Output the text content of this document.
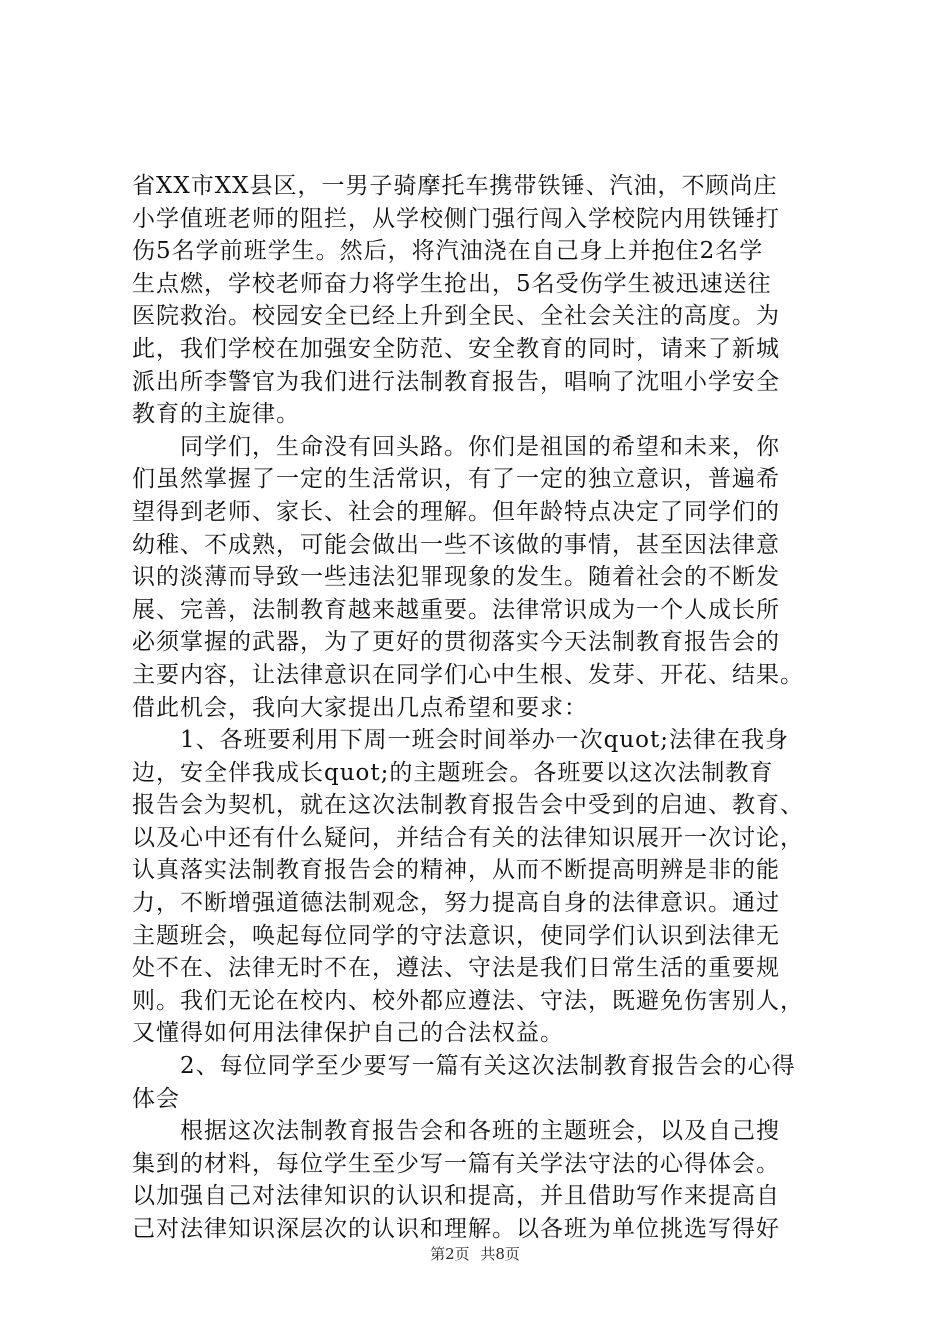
省XX市XX县区，一男子骑摩托车携带铁锤、汽油，不顾尚庄
小学值班老师的阻拦，从学校侧门强行闯入学校院内用铁锤打
伤5名学前班学生。然后，将汽油浇在自己身上并抱住2名学
生点燃，学校老师奋力将学生抢出，5名受伤学生被迅速送往
医院救治。校园安全已经上升到全民、全社会关注的高度。为
此，我们学校在加强安全防范、安全教育的同时，请来了新城
派出所李警官为我们进行法制教育报告，唱响了沈咀小学安全
教育的主旋律。
　　同学们，生命没有回头路。你们是祖国的希望和未来，你
们虽然掌握了一定的生活常识，有了一定的独立意识，普遍希
望得到老师、家长、社会的理解。但年龄特点决定了同学们的
幼稚、不成熟，可能会做出一些不该做的事情，甚至因法律意
识的淡薄而导致一些违法犯罪现象的发生。随着社会的不断发
展、完善，法制教育越来越重要。法律常识成为一个人成长所
必须掌握的武器，为了更好的贯彻落实今天法制教育报告会的
主要内容，让法律意识在同学们心中生根、发芽、开花、结果。
借此机会，我向大家提出几点希望和要求：
　　1、各班要利用下周一班会时间举办一次quot;法律在我身
边，安全伴我成长quot;的主题班会。各班要以这次法制教育
报告会为契机，就在这次法制教育报告会中受到的启迪、教育、
以及心中还有什么疑问，并结合有关的法律知识展开一次讨论，
认真落实法制教育报告会的精神，从而不断提高明辨是非的能
力，不断增强道德法制观念，努力提高自身的法律意识。通过
主题班会，唤起每位同学的守法意识，使同学们认识到法律无
处不在、法律无时不在，遵法、守法是我们日常生活的重要规
则。我们无论在校内、校外都应遵法、守法，既避免伤害别人，
又懂得如何用法律保护自己的合法权益。
　　2、每位同学至少要写一篇有关这次法制教育报告会的心得
体会
　　根据这次法制教育报告会和各班的主题班会，以及自己搜
集到的材料，每位学生至少写一篇有关学法守法的心得体会。
以加强自己对法律知识的认识和提高，并且借助写作来提高自
己对法律知识深层次的认识和理解。以各班为单位挑选写得好
第2页 共8页
